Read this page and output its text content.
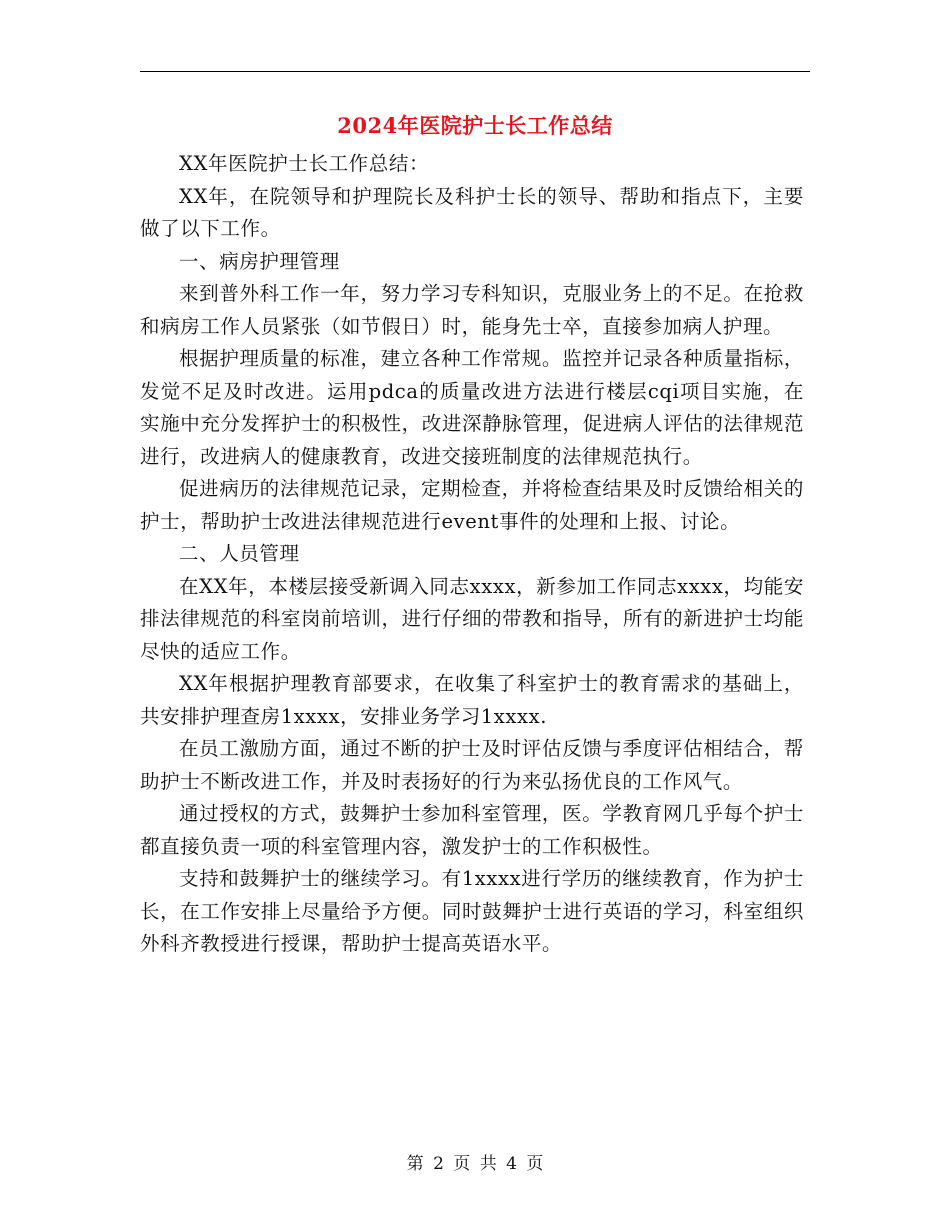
2024年医院护士长工作总结

XX年医院护士长工作总结：

XX年，在院领导和护理院长及科护士长的领导、帮助和指点下，主要做了以下工作。

一、病房护理管理

来到普外科工作一年，努力学习专科知识，克服业务上的不足。在抢救和病房工作人员紧张（如节假日）时，能身先士卒，直接参加病人护理。

根据护理质量的标准，建立各种工作常规。监控并记录各种质量指标，发觉不足及时改进。运用pdca的质量改进方法进行楼层cqi项目实施，在实施中充分发挥护士的积极性，改进深静脉管理，促进病人评估的法律规范进行，改进病人的健康教育，改进交接班制度的法律规范执行。

促进病历的法律规范记录，定期检查，并将检查结果及时反馈给相关的护士，帮助护士改进法律规范进行event事件的处理和上报、讨论。

二、人员管理

在XX年，本楼层接受新调入同志xxxx，新参加工作同志xxxx，均能安排法律规范的科室岗前培训，进行仔细的带教和指导，所有的新进护士均能尽快的适应工作。

XX年根据护理教育部要求，在收集了科室护士的教育需求的基础上，共安排护理查房1xxxx，安排业务学习1xxxx.

在员工激励方面，通过不断的护士及时评估反馈与季度评估相结合，帮助护士不断改进工作，并及时表扬好的行为来弘扬优良的工作风气。

通过授权的方式，鼓舞护士参加科室管理，医。学教育网几乎每个护士都直接负责一项的科室管理内容，激发护士的工作积极性。

支持和鼓舞护士的继续学习。有1xxxx进行学历的继续教育，作为护士长，在工作安排上尽量给予方便。同时鼓舞护士进行英语的学习，科室组织外科齐教授进行授课，帮助护士提高英语水平。

第 2 页 共 4 页
